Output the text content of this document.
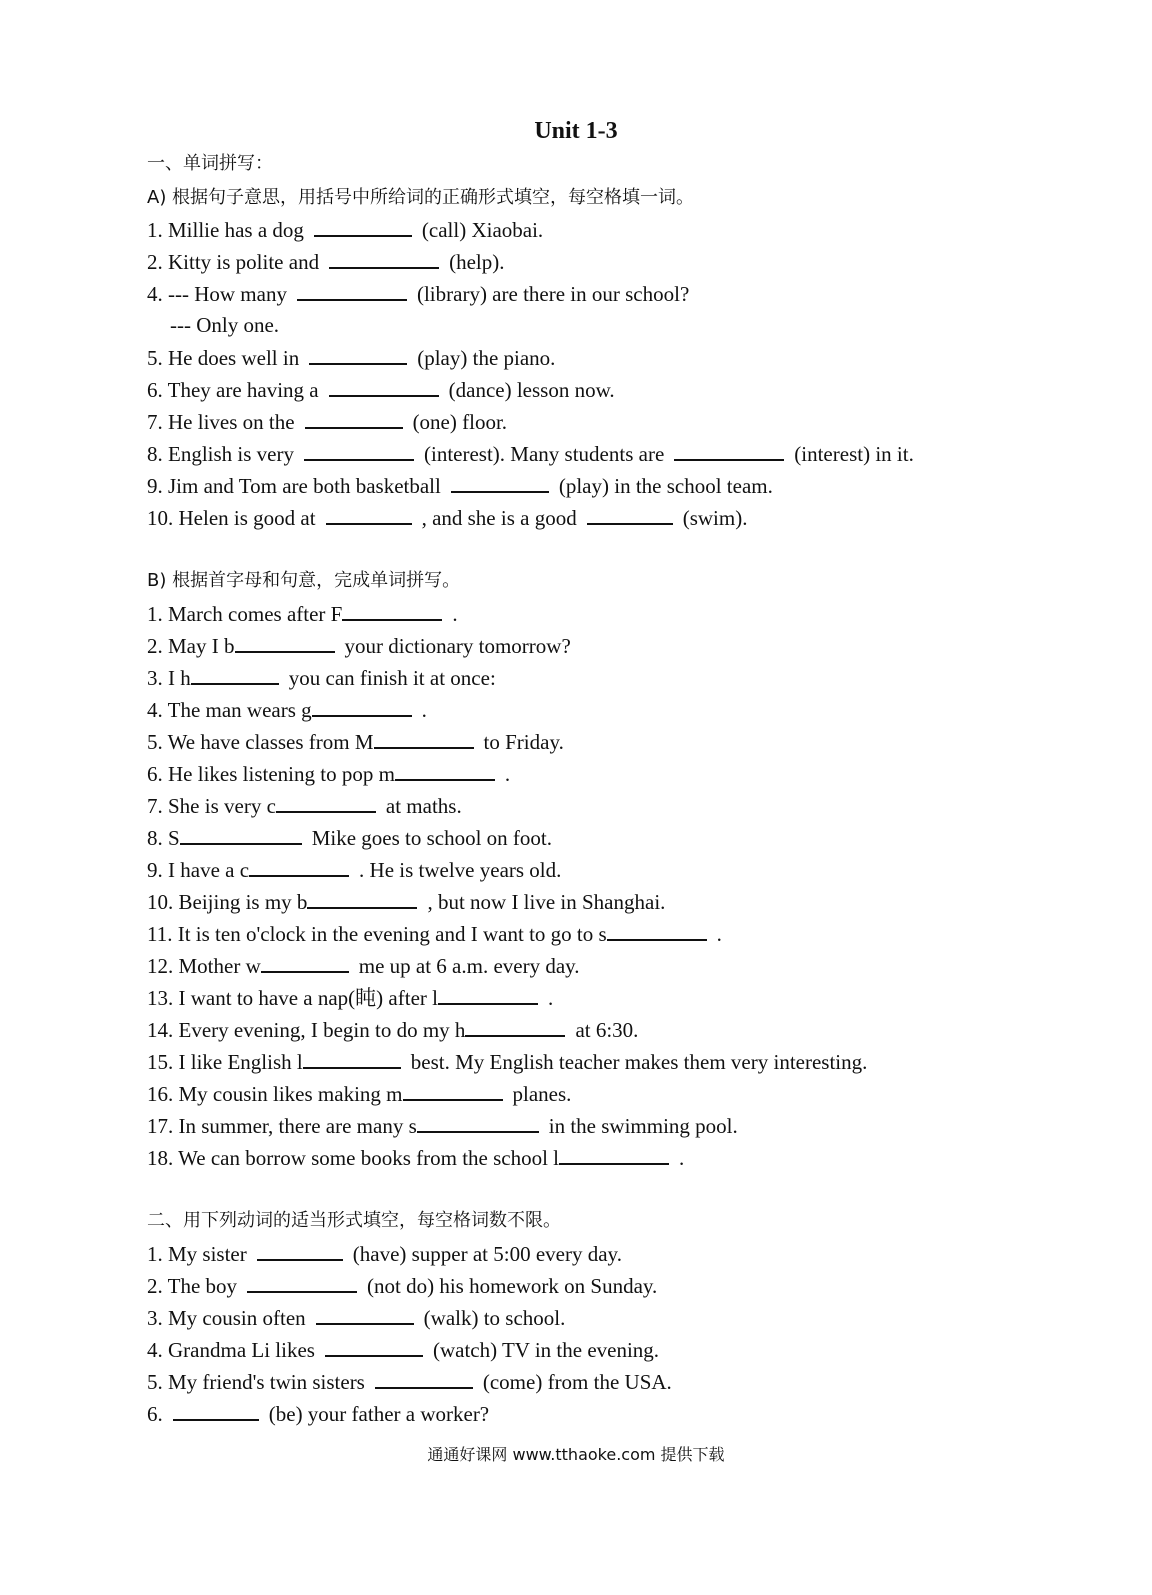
Unit 1-3
一、单词拼写：
A) 根据句子意思，用括号中所给词的正确形式填空，每空格填一词。
1. Millie has a dog	(call) Xiaobai.
2. Kitty is polite and	(help).
4. --- How many	(library) are there in our school?
--- Only one.
5. He does well in	(play) the piano.
6. They are having a	(dance) lesson now.
7. He lives on the	(one) floor.
8. English is very	(interest). Many students are	(interest) in it.
9. Jim and Tom are both basketball	(play) in the school team.
10. Helen is good at	, and she is a good	(swim).
B) 根据首字母和句意，完成单词拼写。
1. March comes after F	.
2. May I b	your dictionary tomorrow?
3. I h	you can finish it at once:
4. The man wears g	.
5. We have classes from M	to Friday.
6. He likes listening to pop m	.
7. She is very c	at maths.
8. S	Mike goes to school on foot.
9. I have a c	. He is twelve years old.
10. Beijing is my b	, but now I live in Shanghai.
11. It is ten o'clock in the evening and I want to go to s	.
12. Mother w	me up at 6 a.m. every day.
13. I want to have a nap(盹) after l	.
14. Every evening, I begin to do my h	at 6:30.
15. I like English l	best. My English teacher makes them very interesting.
16. My cousin likes making m	planes.
17. In summer, there are many s	in the swimming pool.
18. We can borrow some books from the school l	.
二、用下列动词的适当形式填空，每空格词数不限。
1. My sister	(have) supper at 5:00 every day.
2. The boy	(not do) his homework on Sunday.
3. My cousin often	(walk) to school.
4. Grandma Li likes	(watch) TV in the evening.
5. My friend's twin sisters	(come) from the USA.
6.	(be) your father a worker?
通通好课网 www.tthaoke.com 提供下载
